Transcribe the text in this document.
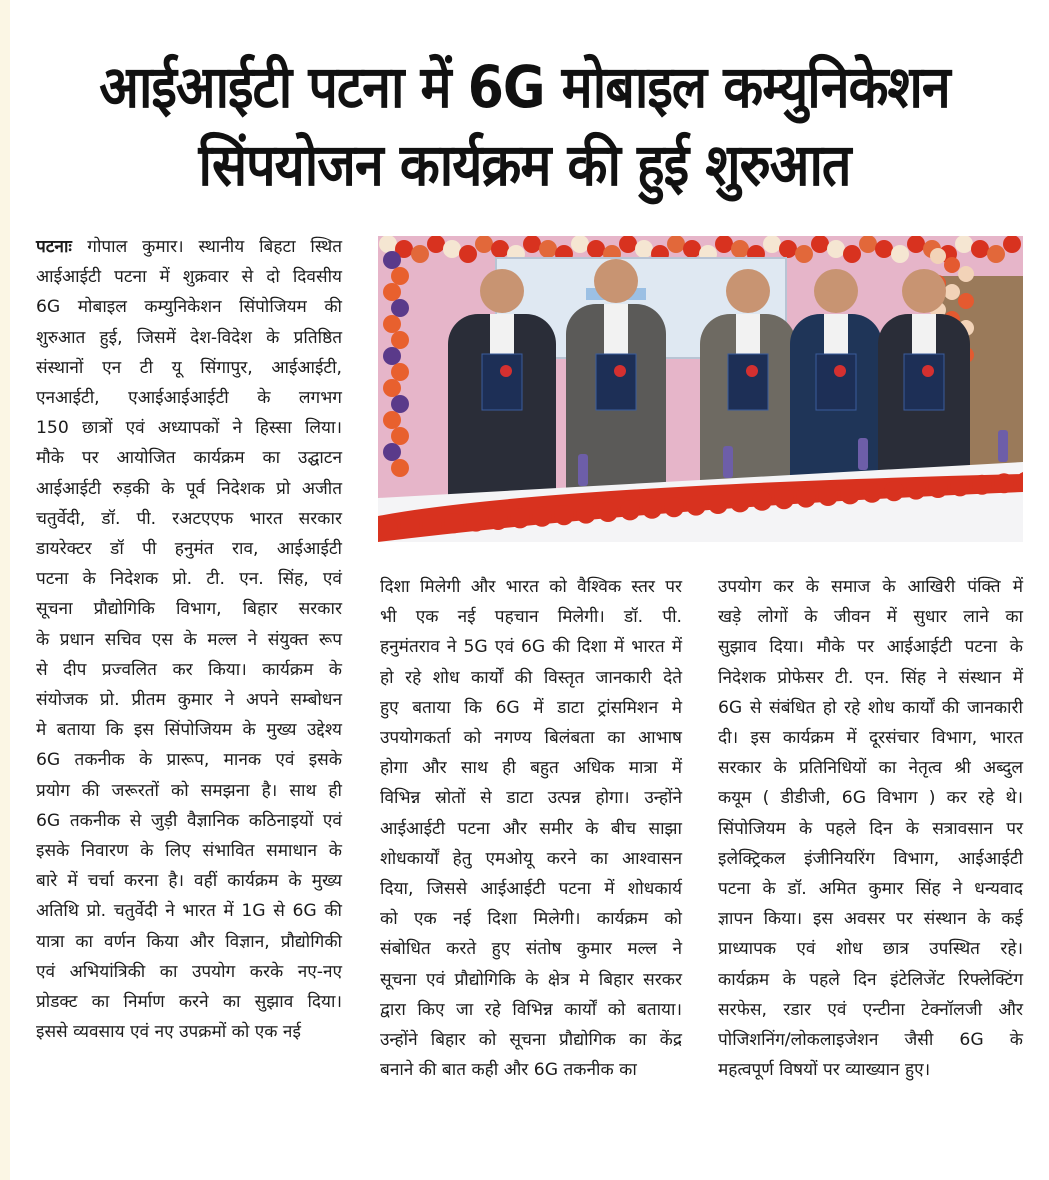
आईआईटी पटना में 6G मोबाइल कम्युनिकेशन
सिंपयोजन कार्यक्रम की हुई शुरुआत
पटनाः गोपाल कुमार। स्थानीय बिहटा स्थित
आईआईटी पटना में शुक्रवार से दो दिवसीय
6G मोबाइल कम्युनिकेशन सिंपोजियम की
शुरुआत हुई, जिसमें देश-विदेश के प्रतिष्ठित
संस्थानों एन टी यू सिंगापुर, आईआईटी,
एनआईटी, एआईआईआईटी के लगभग
150 छात्रों एवं अध्यापकों ने हिस्सा लिया।
मौके पर आयोजित कार्यक्रम का उद्घाटन
आईआईटी रुड़की के पूर्व निदेशक प्रो अजीत
चतुर्वेदी, डॉ. पी. रअटएएफ भारत सरकार
डायरेक्टर डॉ पी हनुमंत राव, आईआईटी
पटना के निदेशक प्रो. टी. एन. सिंह, एवं
सूचना प्रौद्योगिकि विभाग, बिहार सरकार
के प्रधान सचिव एस के मल्ल ने संयुक्त रूप
से दीप प्रज्वलित कर किया। कार्यक्रम के
संयोजक प्रो. प्रीतम कुमार ने अपने सम्बोधन
मे बताया कि इस सिंपोजियम के मुख्य उद्देश्य
6G तकनीक के प्रारूप, मानक एवं इसके
प्रयोग की जरूरतों को समझना है। साथ ही
6G तकनीक से जुड़ी वैज्ञानिक कठिनाइयों एवं
इसके निवारण के लिए संभावित समाधान के
बारे में चर्चा करना है। वहीं कार्यक्रम के मुख्य
अतिथि प्रो. चतुर्वेदी ने भारत में 1G से 6G की
यात्रा का वर्णन किया और विज्ञान, प्रौद्योगिकी
एवं अभियांत्रिकी का उपयोग करके नए-नए
प्रोडक्ट का निर्माण करने का सुझाव दिया।
इससे व्यवसाय एवं नए उपक्रमों को एक नई
दिशा मिलेगी और भारत को वैश्विक स्तर पर
भी एक नई पहचान मिलेगी। डॉ. पी.
हनुमंतराव ने 5G एवं 6G की दिशा में भारत में
हो रहे शोध कार्यों की विस्तृत जानकारी देते
हुए बताया कि 6G में डाटा ट्रांसमिशन मे
उपयोगकर्ता को नगण्य बिलंबता का आभाष
होगा और साथ ही बहुत अधिक मात्रा में
विभिन्न स्रोतों से डाटा उत्पन्न होगा। उन्होंने
आईआईटी पटना और समीर के बीच साझा
शोधकार्यों हेतु एमओयू करने का आश्वासन
दिया, जिससे आईआईटी पटना में शोधकार्य
को एक नई दिशा मिलेगी। कार्यक्रम को
संबोधित करते हुए संतोष कुमार मल्ल ने
सूचना एवं प्रौद्योगिकि के क्षेत्र मे बिहार सरकर
द्वारा किए जा रहे विभिन्न कार्यों को बताया।
उन्होंने बिहार को सूचना प्रौद्योगिक का केंद्र
बनाने की बात कही और 6G तकनीक का
उपयोग कर के समाज के आखिरी पंक्ति में
खड़े लोगों के जीवन में सुधार लाने का
सुझाव दिया। मौके पर आईआईटी पटना के
निदेशक प्रोफेसर टी. एन. सिंह ने संस्थान में
6G से संबंधित हो रहे शोध कार्यों की जानकारी
दी। इस कार्यक्रम में दूरसंचार विभाग, भारत
सरकार के प्रतिनिधियों का नेतृत्व श्री अब्दुल
कयूम ( डीडीजी, 6G विभाग ) कर रहे थे।
सिंपोजियम के पहले दिन के सत्रावसान पर
इलेक्ट्रिकल इंजीनियरिंग विभाग, आईआईटी
पटना के डॉ. अमित कुमार सिंह ने धन्यवाद
ज्ञापन किया। इस अवसर पर संस्थान के कई
प्राध्यापक एवं शोध छात्र उपस्थित रहे।
कार्यक्रम के पहले दिन इंटेलिजेंट रिफ्लेक्टिंग
सरफेस, रडार एवं एन्टीना टेक्नॉलजी और
पोजिशनिंग/लोकलाइजेशन जैसी 6G के
महत्वपूर्ण विषयों पर व्याख्यान हुए।
